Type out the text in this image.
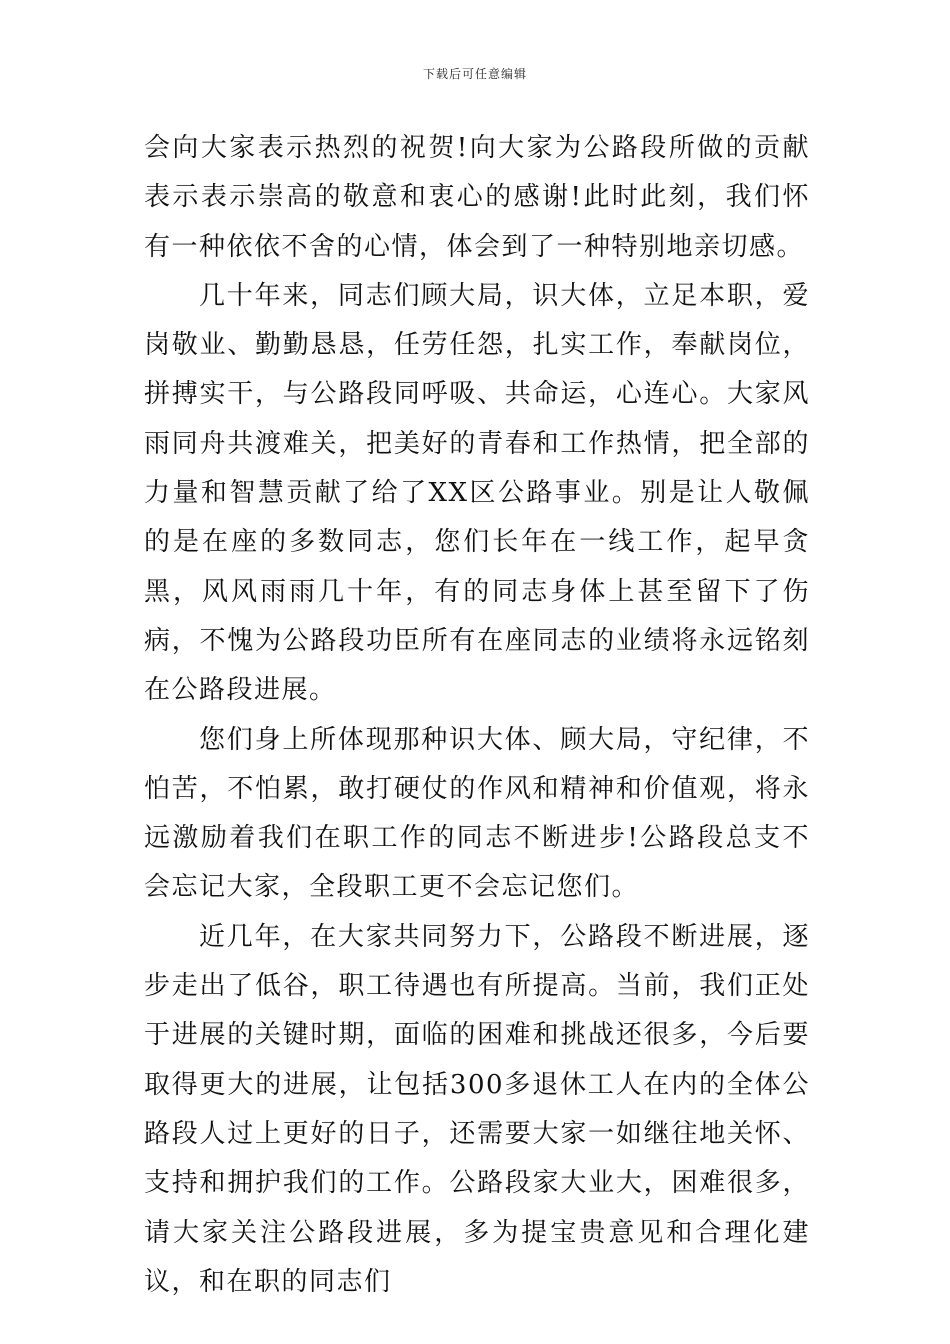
下载后可任意编辑

会向大家表示热烈的祝贺!向大家为公路段所做的贡献表示表示崇高的敬意和衷心的感谢!此时此刻，我们怀有一种依依不舍的心情，体会到了一种特别地亲切感。

几十年来，同志们顾大局，识大体，立足本职，爱岗敬业、勤勤恳恳，任劳任怨，扎实工作，奉献岗位，拼搏实干，与公路段同呼吸、共命运，心连心。大家风雨同舟共渡难关，把美好的青春和工作热情，把全部的力量和智慧贡献了给了XX区公路事业。别是让人敬佩的是在座的多数同志，您们长年在一线工作，起早贪黑，风风雨雨几十年，有的同志身体上甚至留下了伤病，不愧为公路段功臣所有在座同志的业绩将永远铭刻在公路段进展。

您们身上所体现那种识大体、顾大局，守纪律，不怕苦，不怕累，敢打硬仗的作风和精神和价值观，将永远激励着我们在职工作的同志不断进步!公路段总支不会忘记大家，全段职工更不会忘记您们。

近几年，在大家共同努力下，公路段不断进展，逐步走出了低谷，职工待遇也有所提高。当前，我们正处于进展的关键时期，面临的困难和挑战还很多，今后要取得更大的进展，让包括300多退休工人在内的全体公路段人过上更好的日子，还需要大家一如继往地关怀、支持和拥护我们的工作。公路段家大业大，困难很多，请大家关注公路段进展，多为提宝贵意见和合理化建议，和在职的同志们
